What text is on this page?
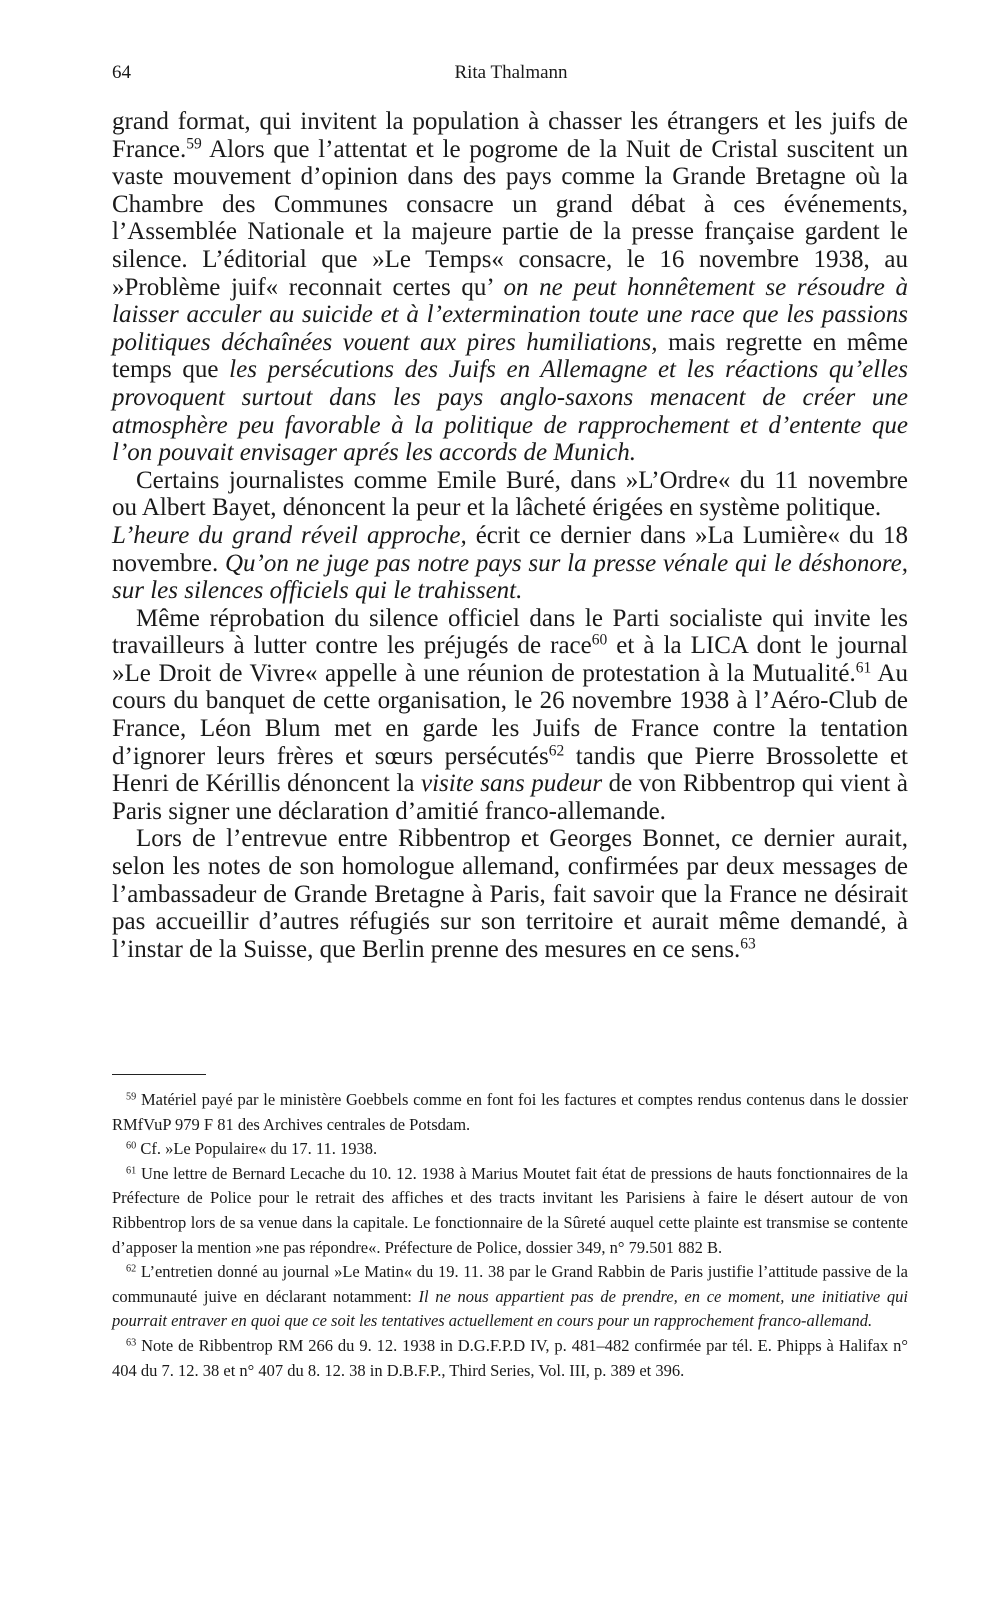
64	Rita Thalmann

grand format, qui invitent la population à chasser les étrangers et les juifs de France.$^{59}$ Alors que l’attentat et le pogrome de la Nuit de Cristal suscitent un vaste mouvement d’opinion dans des pays comme la Grande Bretagne où la Chambre des Communes consacre un grand débat à ces événements, l’Assemblée Nationale et la majeure partie de la presse française gardent le silence. L’éditorial que »Le Temps« consacre, le 16 novembre 1938, au »Problème juif« reconnait certes qu’ on ne peut honnêtement se résoudre à laisser acculer au suicide et à l’extermination toute une race que les passions politiques déchaînées vouent aux pires humiliations, mais regrette en même temps que les persécutions des Juifs en Allemagne et les réactions qu’elles provoquent surtout dans les pays anglo-saxons menacent de créer une atmosphère peu favorable à la politique de rapprochement et d’entente que l’on pouvait envisager aprés les accords de Munich.

Certains journalistes comme Emile Buré, dans »L’Ordre« du 11 novembre ou Albert Bayet, dénoncent la peur et la lâcheté érigées en système politique.

L’heure du grand réveil approche, écrit ce dernier dans »La Lumière« du 18 novembre. Qu’on ne juge pas notre pays sur la presse vénale qui le déshonore, sur les silences officiels qui le trahissent.

Même réprobation du silence officiel dans le Parti socialiste qui invite les travailleurs à lutter contre les préjugés de race$^{60}$ et à la LICA dont le journal »Le Droit de Vivre« appelle à une réunion de protestation à la Mutualité.$^{61}$ Au cours du banquet de cette organisation, le 26 novembre 1938 à l’Aéro-Club de France, Léon Blum met en garde les Juifs de France contre la tentation d’ignorer leurs frères et sœurs persécutés$^{62}$ tandis que Pierre Brossolette et Henri de Kérillis dénoncent la visite sans pudeur de von Ribbentrop qui vient à Paris signer une déclaration d’amitié franco-allemande.

Lors de l’entrevue entre Ribbentrop et Georges Bonnet, ce dernier aurait, selon les notes de son homologue allemand, confirmées par deux messages de l’ambassadeur de Grande Bretagne à Paris, fait savoir que la France ne désirait pas accueillir d’autres réfugiés sur son territoire et aurait même demandé, à l’instar de la Suisse, que Berlin prenne des mesures en ce sens.$^{63}$

$^{59}$ Matériel payé par le ministère Goebbels comme en font foi les factures et comptes rendus contenus dans le dossier RMfVuP 979 F 81 des Archives centrales de Potsdam.

$^{60}$ Cf. »Le Populaire« du 17. 11. 1938.

$^{61}$ Une lettre de Bernard Lecache du 10. 12. 1938 à Marius Moutet fait état de pressions de hauts fonctionnaires de la Préfecture de Police pour le retrait des affiches et des tracts invitant les Parisiens à faire le désert autour de von Ribbentrop lors de sa venue dans la capitale. Le fonctionnaire de la Sûreté auquel cette plainte est transmise se contente d’apposer la mention »ne pas répondre«. Préfecture de Police, dossier 349, n° 79.501 882 B.

$^{62}$ L’entretien donné au journal »Le Matin« du 19. 11. 38 par le Grand Rabbin de Paris justifie l’attitude passive de la communauté juive en déclarant notamment: Il ne nous appartient pas de prendre, en ce moment, une initiative qui pourrait entraver en quoi que ce soit les tentatives actuellement en cours pour un rapprochement franco-allemand.

$^{63}$ Note de Ribbentrop RM 266 du 9. 12. 1938 in D.G.F.P.D IV, p. 481–482 confirmée par tél. E. Phipps à Halifax n° 404 du 7. 12. 38 et n° 407 du 8. 12. 38 in D.B.F.P., Third Series, Vol. III, p. 389 et 396.
